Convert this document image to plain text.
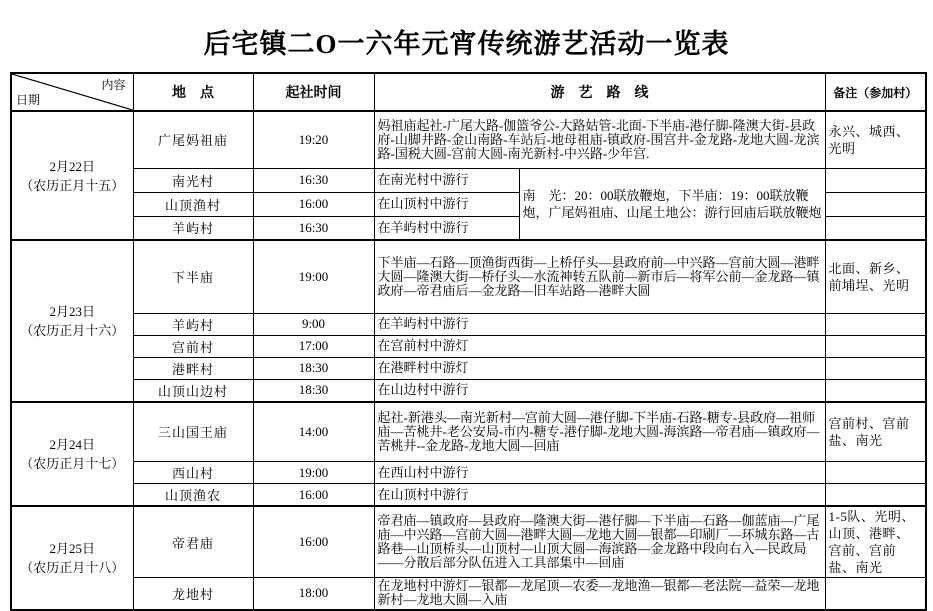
后宅镇二O一六年元宵传统游艺活动一览表
内容
日期	地　点	起社时间	游　艺　路　线		备注（参加村）

2月22日
（农历正月十五）	广尾妈祖庙	19:20	妈祖庙起社-广尾大路-伽篮爷公-大路姑管-北面-下半庙-港仔脚-隆澳大街-县政府-山脚井路-金山南路-车站后-地母祖庙-镇政府-围宫井-金龙路-龙地大圆-龙滨路-国税大圆-宫前大圆-南光新村-中兴路-少年宫.		永兴、城西、光明
	南光村	16:30	在南光村中游行	南　光：20：00联放鞭炮，下半庙：19：00联放鞭炮，广尾妈祖庙、山尾土地公：游行回庙后联放鞭炮	
	山顶渔村	16:00	在山顶村中游行		
	羊屿村	16:30	在羊屿村中游行		

2月23日
（农历正月十六）	下半庙	19:00	下半庙—石路—顶渔街西街—上桥仔头—县政府前—中兴路—宫前大圆—港畔大圆—隆澳大街—桥仔头—水流神转五队前—新市后—将军公前—金龙路—镇政府—帝君庙后—金龙路—旧车站路—港畔大圆		北面、新乡、前埔埕、光明
	羊屿村	9:00	在羊屿村中游行		
	宫前村	17:00	在宫前村中游灯		
	港畔村	18:30	在港畔村中游灯		
	山顶山边村	18:30	在山边村中游行		

2月24日
（农历正月十七）	三山国王庙	14:00	起社-新港头—南光新村—宫前大圆—港仔脚-下半庙-石路-糖专-县政府—祖师庙—苦桃井-老公安局-市内-糖专-港仔脚-龙地大圆-海滨路—帝君庙—镇政府—苦桃井--金龙路-龙地大圆—回庙		宫前村、宫前盐、南光
	西山村	19:00	在西山村中游行		
	山顶渔农	16:00	在山顶村中游行		

2月25日
（农历正月十八）	帝君庙	16:00	帝君庙—镇政府—县政府—隆澳大街—港仔脚—下半庙—石路—伽蓝庙—广尾庙—中兴路—宫前大圆—港畔大圆—龙地大圆—银都—印刷厂—环城东路—古路巷—山顶桥头—山顶村—山顶大圆—海滨路—金龙路中段向右入—民政局——分散后部分队伍进入工具部集中—回庙		1-5队、光明、山顶、港畔、宫前、宫前盐、南光
	龙地村	18:00	在龙地村中游灯—银都—龙尾顶—农委—龙地渔—银都—老法院—益荣—龙地新村—龙地大圆—入庙		
